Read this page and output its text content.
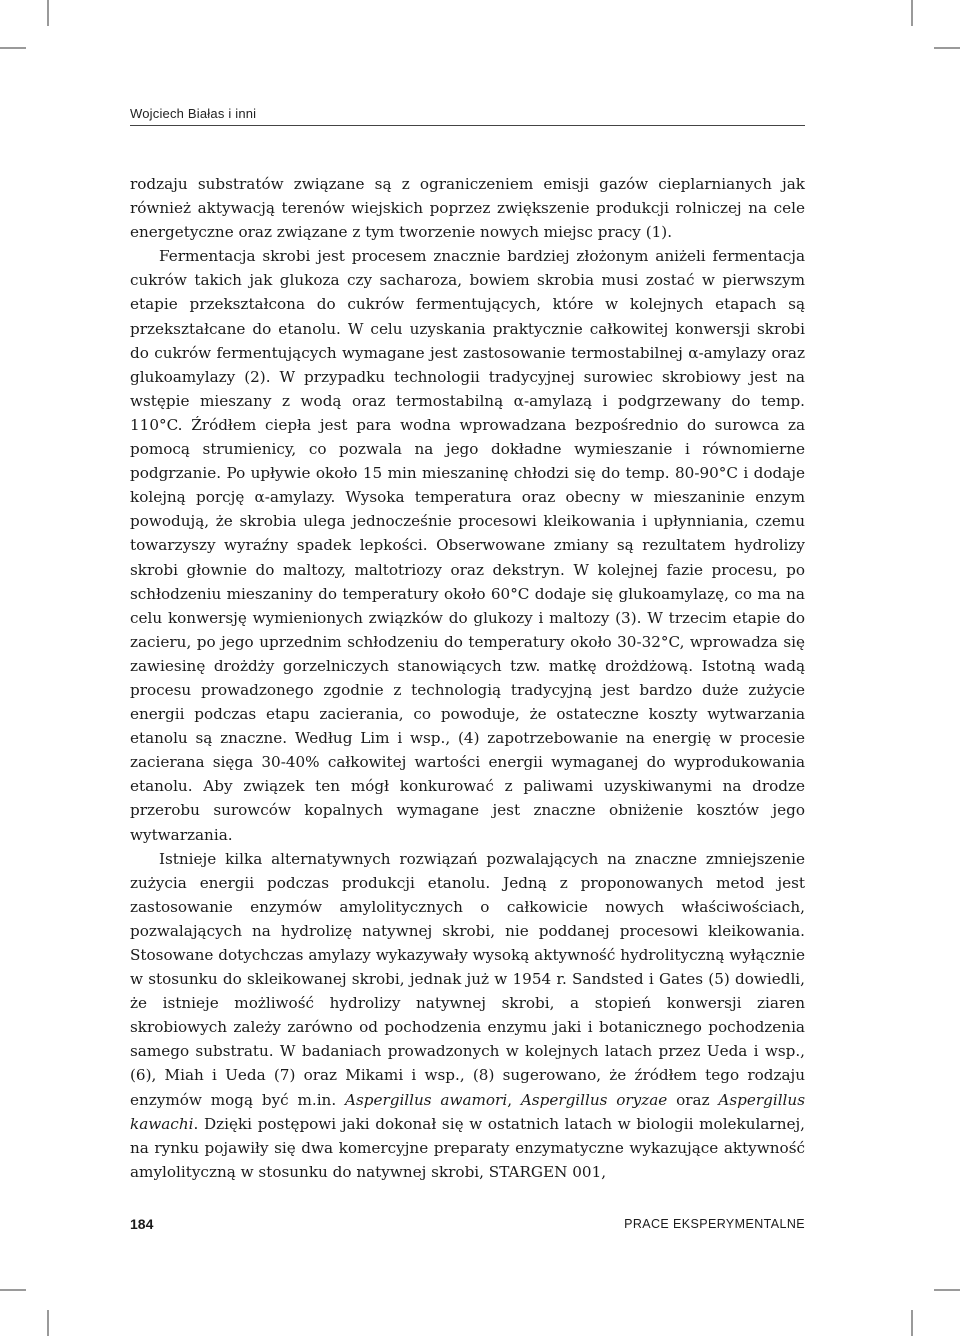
Wojciech Białas i inni

rodzaju substratów związane są z ograniczeniem emisji gazów cieplarnianych jak również aktywacją terenów wiejskich poprzez zwiększenie produkcji rolniczej na cele energetyczne oraz związane z tym tworzenie nowych miejsc pracy (1).

Fermentacja skrobi jest procesem znacznie bardziej złożonym aniżeli fermentacja cukrów takich jak glukoza czy sacharoza, bowiem skrobia musi zostać w pierwszym etapie przekształcona do cukrów fermentujących, które w kolejnych etapach są przekształcane do etanolu. W celu uzyskania praktycznie całkowitej konwersji skrobi do cukrów fermentujących wymagane jest zastosowanie termostabilnej α-amylazy oraz glukoamylazy (2). W przypadku technologii tradycyjnej surowiec skrobiowy jest na wstępie mieszany z wodą oraz termostabilną α-amylazą i podgrzewany do temp. 110°C. Źródłem ciepła jest para wodna wprowadzana bezpośrednio do surowca za pomocą strumienicy, co pozwala na jego dokładne wymieszanie i równomierne podgrzanie. Po upływie około 15 min mieszaninę chłodzi się do temp. 80-90°C i dodaje kolejną porcję α-amylazy. Wysoka temperatura oraz obecny w mieszaninie enzym powodują, że skrobia ulega jednocześnie procesowi kleikowania i upłynniania, czemu towarzyszy wyraźny spadek lepkości. Obserwowane zmiany są rezultatem hydrolizy skrobi głownie do maltozy, maltotriozy oraz dekstryn. W kolejnej fazie procesu, po schłodzeniu mieszaniny do temperatury około 60°C dodaje się glukoamylazę, co ma na celu konwersję wymienionych związków do glukozy i maltozy (3). W trzecim etapie do zacieru, po jego uprzednim schłodzeniu do temperatury około 30-32°C, wprowadza się zawiesinę drożdży gorzelniczych stanowiących tzw. matkę drożdżową. Istotną wadą procesu prowadzonego zgodnie z technologią tradycyjną jest bardzo duże zużycie energii podczas etapu zacierania, co powoduje, że ostateczne koszty wytwarzania etanolu są znaczne. Według Lim i wsp., (4) zapotrzebowanie na energię w procesie zacierana sięga 30-40% całkowitej wartości energii wymaganej do wyprodukowania etanolu. Aby związek ten mógł konkurować z paliwami uzyskiwanymi na drodze przerobu surowców kopalnych wymagane jest znaczne obniżenie kosztów jego wytwarzania.

Istnieje kilka alternatywnych rozwiązań pozwalających na znaczne zmniejszenie zużycia energii podczas produkcji etanolu. Jedną z proponowanych metod jest zastosowanie enzymów amylolitycznych o całkowicie nowych właściwościach, pozwalających na hydrolizę natywnej skrobi, nie poddanej procesowi kleikowania. Stosowane dotychczas amylazy wykazywały wysoką aktywność hydrolityczną wyłącznie w stosunku do skleikowanej skrobi, jednak już w 1954 r. Sandsted i Gates (5) dowiedli, że istnieje możliwość hydrolizy natywnej skrobi, a stopień konwersji ziaren skrobiowych zależy zarówno od pochodzenia enzymu jaki i botanicznego pochodzenia samego substratu. W badaniach prowadzonych w kolejnych latach przez Ueda i wsp., (6), Miah i Ueda (7) oraz Mikami i wsp., (8) sugerowano, że źródłem tego rodzaju enzymów mogą być m.in. Aspergillus awamori, Aspergillus oryzae oraz Aspergillus kawachi. Dzięki postępowi jaki dokonał się w ostatnich latach w biologii molekularnej, na rynku pojawiły się dwa komercyjne preparaty enzymatyczne wykazujące aktywność amylolityczną w stosunku do natywnej skrobi, STARGEN 001,

184	PRACE EKSPERYMENTALNE
